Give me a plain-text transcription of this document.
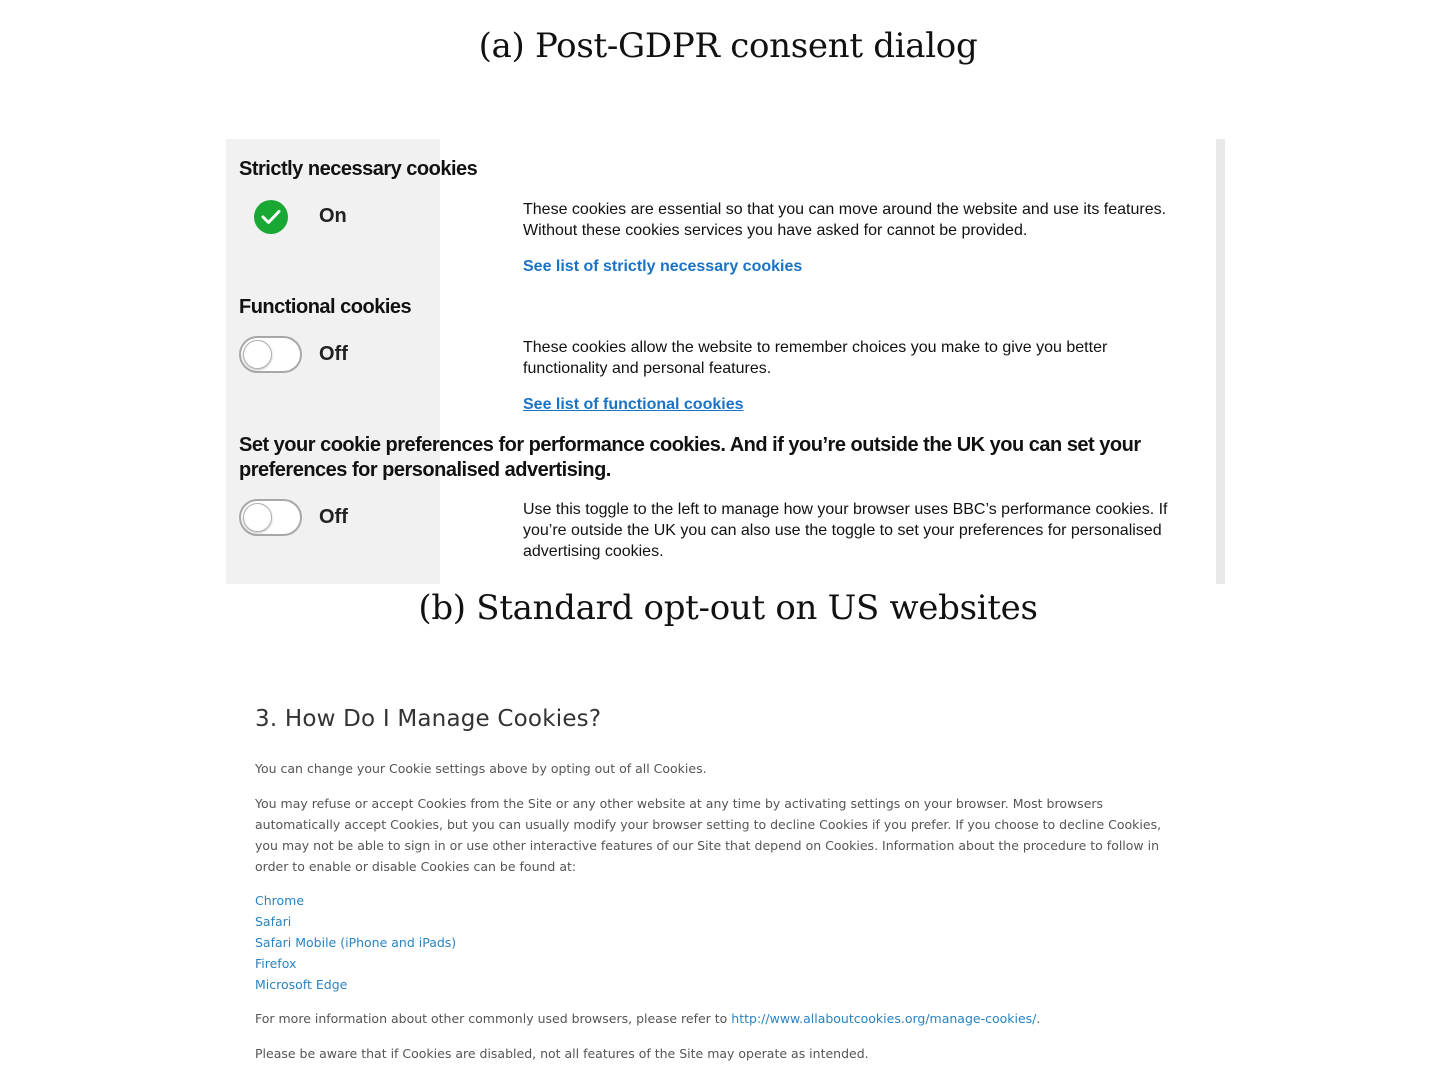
(a) Post-GDPR consent dialog
Strictly necessary cookies
On	These cookies are essential so that you can move around the website and use its features. Without these cookies services you have asked for cannot be provided.
See list of strictly necessary cookies
Functional cookies
Off	These cookies allow the website to remember choices you make to give you better functionality and personal features.
See list of functional cookies
Set your cookie preferences for performance cookies. And if you’re outside the UK you can set your preferences for personalised advertising.
Off	Use this toggle to the left to manage how your browser uses BBC’s performance cookies. If you’re outside the UK you can also use the toggle to set your preferences for personalised advertising cookies.
(b) Standard opt-out on US websites
3. How Do I Manage Cookies?
You can change your Cookie settings above by opting out of all Cookies.
You may refuse or accept Cookies from the Site or any other website at any time by activating settings on your browser. Most browsers automatically accept Cookies, but you can usually modify your browser setting to decline Cookies if you prefer. If you choose to decline Cookies, you may not be able to sign in or use other interactive features of our Site that depend on Cookies. Information about the procedure to follow in order to enable or disable Cookies can be found at:
Chrome
Safari
Safari Mobile (iPhone and iPads)
Firefox
Microsoft Edge
For more information about other commonly used browsers, please refer to http://www.allaboutcookies.org/manage-cookies/.
Please be aware that if Cookies are disabled, not all features of the Site may operate as intended.
